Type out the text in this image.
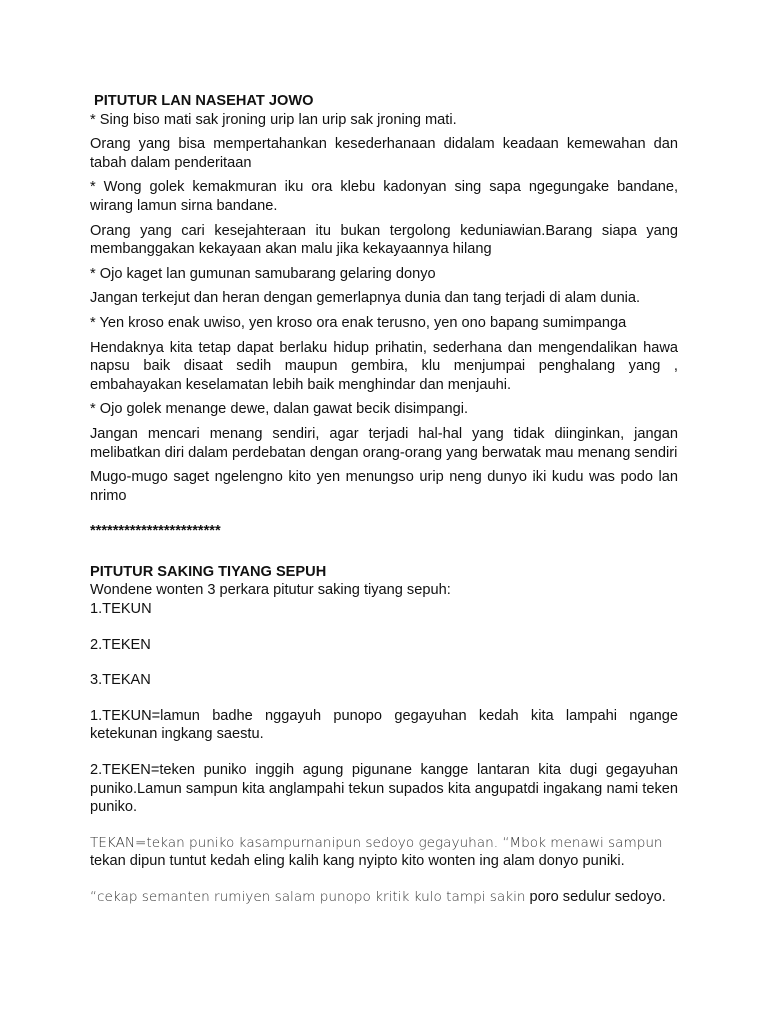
PITUTUR LAN NASEHAT JOWO
* Sing biso mati sak jroning urip lan urip sak jroning mati.
Orang yang bisa mempertahankan kesederhanaan didalam keadaan kemewahan dan tabah dalam penderitaan
* Wong golek kemakmuran iku ora klebu kadonyan sing sapa ngegungake bandane, wirang lamun sirna bandane.
Orang yang cari kesejahteraan itu bukan tergolong keduniawian.Barang siapa yang membanggakan kekayaan akan malu jika kekayaannya hilang
* Ojo kaget lan gumunan samubarang gelaring donyo
Jangan terkejut dan heran dengan gemerlapnya dunia dan tang terjadi di alam dunia.
* Yen kroso enak uwiso, yen kroso ora enak terusno, yen ono bapang sumimpanga
Hendaknya kita tetap dapat berlaku hidup prihatin, sederhana dan mengendalikan hawa napsu baik disaat sedih maupun gembira, klu menjumpai penghalang yang , embahayakan keselamatan lebih baik menghindar dan menjauhi.
* Ojo golek menange dewe, dalan gawat becik disimpangi.
Jangan mencari menang sendiri, agar terjadi hal-hal yang tidak diinginkan, jangan melibatkan diri dalam perdebatan dengan orang-orang yang berwatak mau menang sendiri
Mugo-mugo saget ngelengno kito yen menungso urip neng dunyo iki kudu was podo lan nrimo
***********************
PITUTUR SAKING TIYANG SEPUH
Wondene wonten 3 perkara pitutur saking tiyang sepuh:
1.TEKUN
2.TEKEN
3.TEKAN
1.TEKUN=lamun badhe nggayuh punopo gegayuhan kedah kita lampahi ngange ketekunan ingkang saestu.
2.TEKEN=teken puniko inggih agung pigunane kangge lantaran kita dugi gegayuhan puniko.Lamun sampun kita anglampahi tekun supados kita angupatdi ingakang nami teken puniko.
TEKAN=tekan puniko kasampurnanipun sedoyo gegayuhan. “Mbok menawi sampun
tekan dipun tuntut kedah eling kalih kang nyipto kito wonten ing alam donyo puniki.
“cekap semanten rumiyen salam punopo kritik kulo tampi sakin poro sedulur sedoyo.
